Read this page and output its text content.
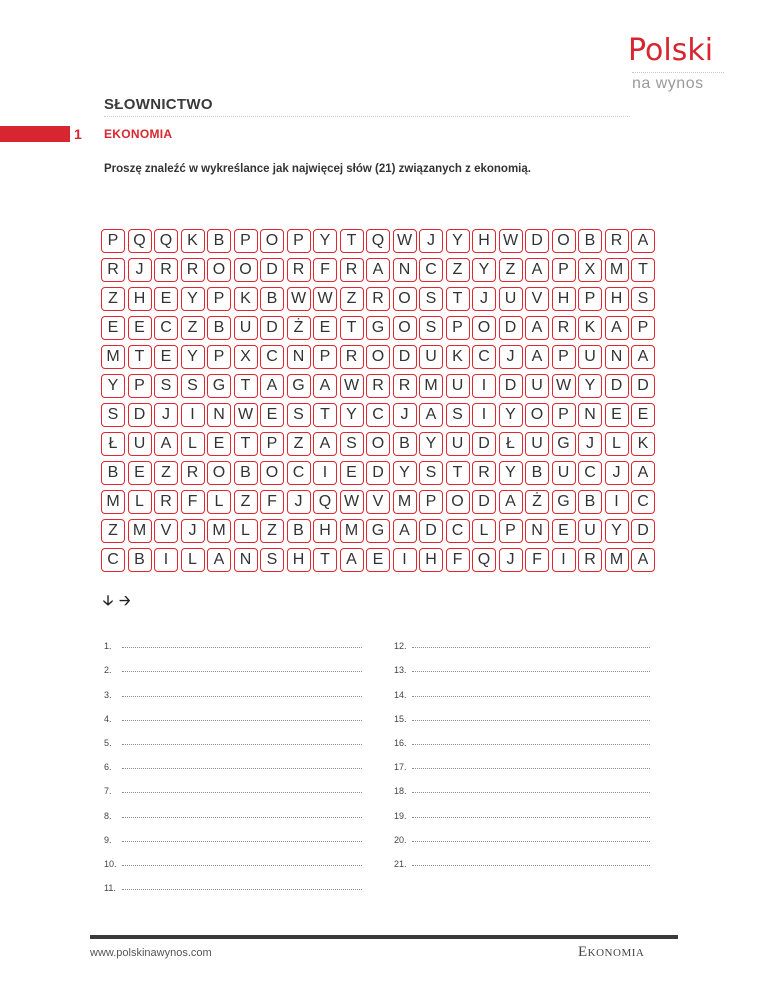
Polski
na wynos
SŁOWNICTWO
1	EKONOMIA
Proszę znaleźć w wykreślance jak najwięcej słów (21) związanych z ekonomią.
P Q Q K B P O P Y	T Q W J	Y H W D O B R A
R	J	R R O O D R F R A N C Z	Y	Z	A P X M T
Z H E Y P K B W W Z R O S	T	J	U V H P H S
E E C Z	B U D Ż	E	T G O S P O D A R K A P
M T	E Y P X C N P R O D U K C	J	A P U N A
Y P S S G T	A G A W R R M U	I	D U W Y D D
S D	J	I	N W E S	T	Y C	J	A S	I	Y O P N E E
Ł	U A	L	E	T	P	Z	A S O B Y U D	Ł	U G	J	L	K
B E	Z R O B O C	I	E D Y S	T R Y B U C	J	A
M L	R F	L	Z	F	J	Q W V M P O D A	Ż G B	I	C
Z M V	J M L	Z	B H M G A D C	L	P N E U Y D
C B	I	L	A N S H T	A E	I	H F Q	J	F	I	R M A
🡣 🡢
1.
2.
3.
4.
5.
6.
7.
8.
9.
10.
11.
12.
13.
14.
15.
16.
17.
18.
19.
20.
21.
www.polskinawynos.com	Ekonomia
